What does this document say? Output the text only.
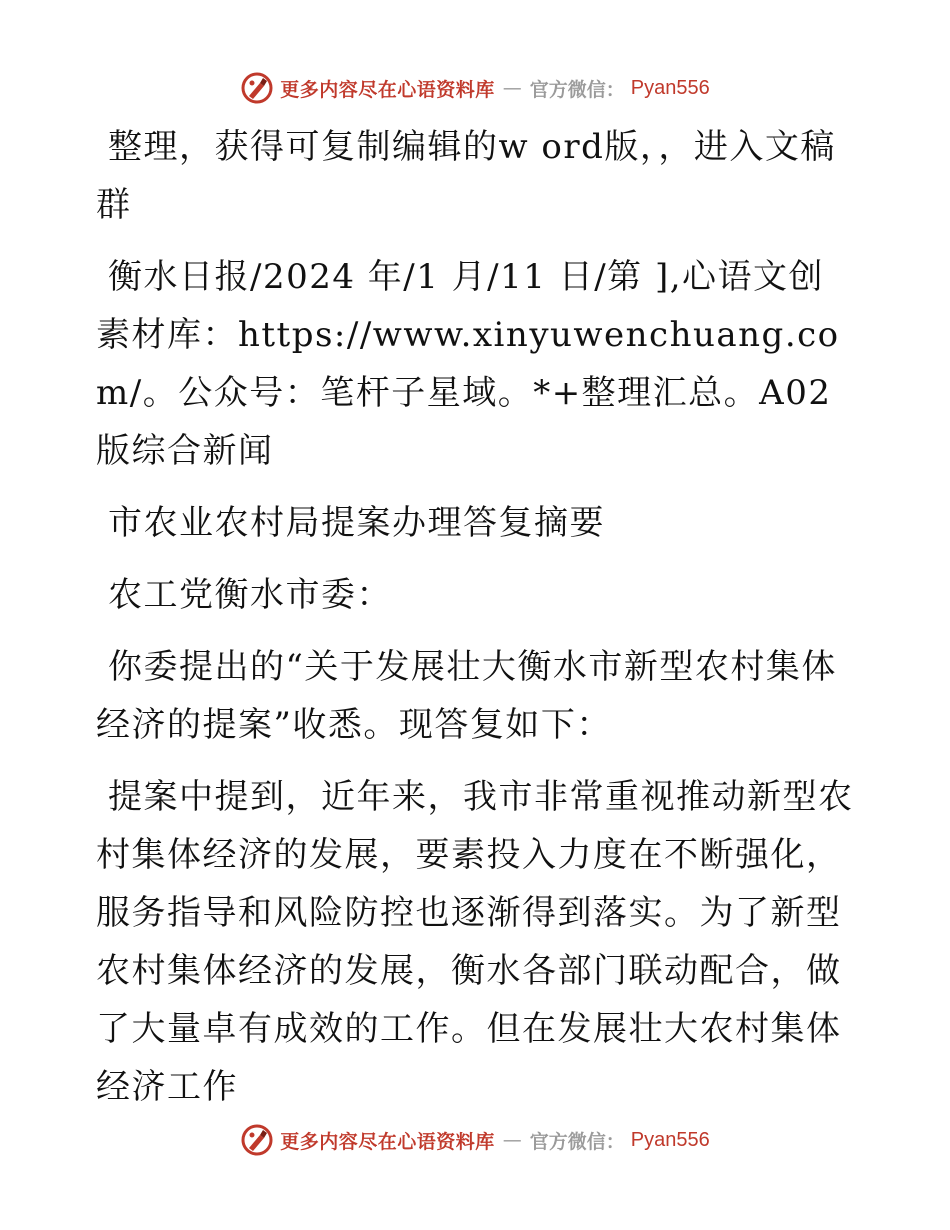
更多内容尽在心语资料库 — 官方微信： Pyan556

整理，获得可复制编辑的w ord版，，进入文稿群

衡水日报/2024 年/1 月/11 日/第 ],心语文创素材库：https://www.xinyuwenchuang.com/。公众号：笔杆子星域。*+整理汇总。A02 版综合新闻

市农业农村局提案办理答复摘要

农工党衡水市委：

你委提出的“关于发展壮大衡水市新型农村集体经济的提案”收悉。现答复如下：

提案中提到，近年来，我市非常重视推动新型农村集体经济的发展，要素投入力度在不断强化，服务指导和风险防控也逐渐得到落实。为了新型农村集体经济的发展，衡水各部门联动配合，做了大量卓有成效的工作。但在发展壮大农村集体经济工作

更多内容尽在心语资料库 — 官方微信： Pyan556
